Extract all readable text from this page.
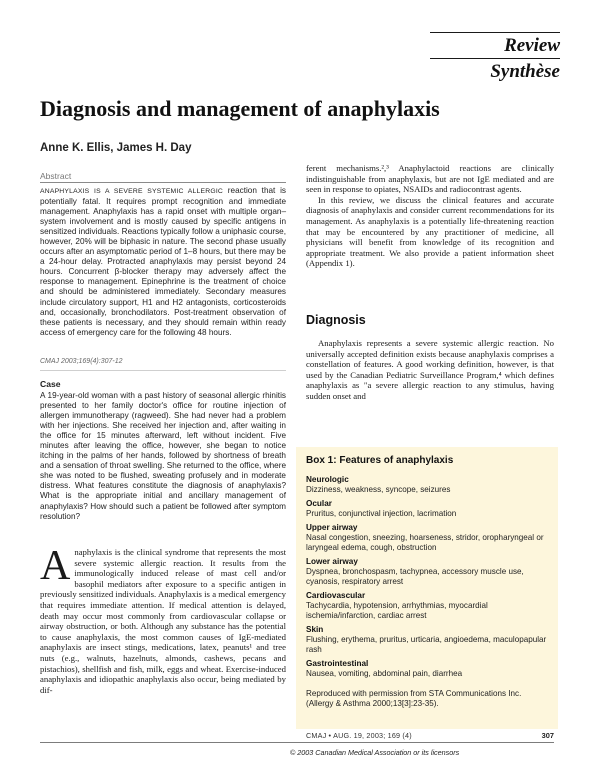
Review
Synthèse
Diagnosis and management of anaphylaxis
Anne K. Ellis, James H. Day
Abstract
ANAPHYLAXIS IS A SEVERE SYSTEMIC ALLERGIC reaction that is potentially fatal. It requires prompt recognition and immediate management. Anaphylaxis has a rapid onset with multiple organ–system involvement and is mostly caused by specific antigens in sensitized individuals. Reactions typically follow a uniphasic course, however, 20% will be biphasic in nature. The second phase usually occurs after an asymptomatic period of 1–8 hours, but there may be a 24-hour delay. Protracted anaphylaxis may persist beyond 24 hours. Concurrent β-blocker therapy may adversely affect the response to management. Epinephrine is the treatment of choice and should be administered immediately. Secondary measures include circulatory support, H1 and H2 antagonists, corticosteroids and, occasionally, bronchodilators. Post-treatment observation of these patients is necessary, and they should remain within ready access of emergency care for the following 48 hours.
CMAJ 2003;169(4):307-12
Case
A 19-year-old woman with a past history of seasonal allergic rhinitis presented to her family doctor's office for routine injection of allergen immunotherapy (ragweed). She had never had a problem with her injections. She received her injection and, after waiting in the office for 15 minutes afterward, left without incident. Five minutes after leaving the office, however, she began to notice itching in the palms of her hands, followed by shortness of breath and a sensation of throat swelling. She returned to the office, where she was noted to be flushed, sweating profusely and in moderate distress. What features constitute the diagnosis of anaphylaxis? What is the appropriate initial and ancillary management of anaphylaxis? How should such a patient be followed after symptom resolution?
Anaphylaxis is the clinical syndrome that represents the most severe systemic allergic reaction. It results from the immunologically induced release of mast cell and/or basophil mediators after exposure to a specific antigen in previously sensitized individuals. Anaphylaxis is a medical emergency that requires immediate attention. If medical attention is delayed, death may occur most commonly from cardiovascular collapse or airway obstruction, or both. Although any substance has the potential to cause anaphylaxis, the most common causes of IgE-mediated anaphylaxis are insect stings, medications, latex, peanuts¹ and tree nuts (e.g., walnuts, hazelnuts, almonds, cashews, pecans and pistachios), shellfish and fish, milk, eggs and wheat. Exercise-induced anaphylaxis and idiopathic anaphylaxis also occur, being mediated by dif-

ferent mechanisms.²,³ Anaphylactoid reactions are clinically indistinguishable from anaphylaxis, but are not IgE mediated and are seen in response to opiates, NSAIDs and radiocontrast agents.

In this review, we discuss the clinical features and accurate diagnosis of anaphylaxis and consider current recommendations for its management. As anaphylaxis is a potentially life-threatening reaction that may be encountered by any practitioner of medicine, all physicians will benefit from knowledge of its recognition and appropriate treatment. We also provide a patient information sheet (Appendix 1).

Diagnosis
Anaphylaxis represents a severe systemic allergic reaction. No universally accepted definition exists because anaphylaxis comprises a constellation of features. A good working definition, however, is that used by the Canadian Pediatric Surveillance Program,⁴ which defines anaphylaxis as "a severe allergic reaction to any stimulus, having sudden onset and
Box 1: Features of anaphylaxis
Neurologic
Dizziness, weakness, syncope, seizures
Ocular
Pruritus, conjunctival injection, lacrimation
Upper airway
Nasal congestion, sneezing, hoarseness, stridor, oropharyngeal or laryngeal edema, cough, obstruction
Lower airway
Dyspnea, bronchospasm, tachypnea, accessory muscle use, cyanosis, respiratory arrest
Cardiovascular
Tachycardia, hypotension, arrhythmias, myocardial ischemia/infarction, cardiac arrest
Skin
Flushing, erythema, pruritus, urticaria, angioedema, maculopapular rash
Gastrointestinal
Nausea, vomiting, abdominal pain, diarrhea
Reproduced with permission from STA Communications Inc. (Allergy & Asthma 2000;13[3]:23-35).
CMAJ • AUG. 19, 2003; 169 (4)	307
© 2003 Canadian Medical Association or its licensors
